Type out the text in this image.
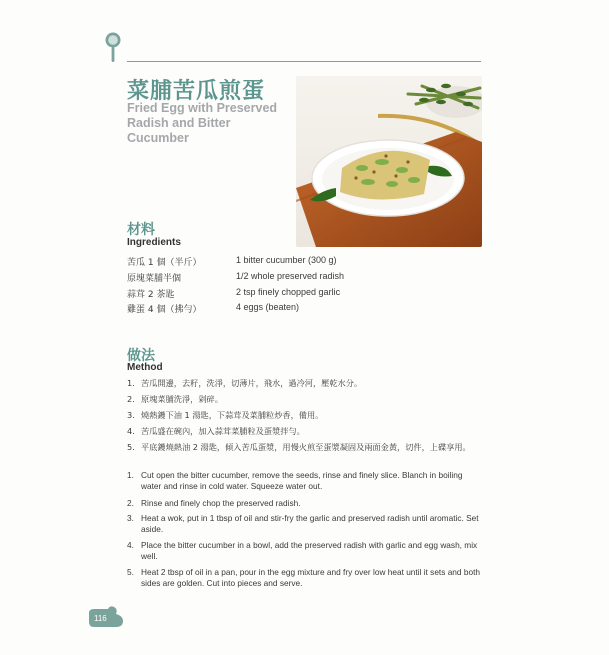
菜脯苦瓜煎蛋
Fried Egg with Preserved Radish and Bitter Cucumber
材料
Ingredients
苦瓜 1 個（半斤）	1 bitter cucumber (300 g)
原塊菜脯半個	1/2 whole preserved radish
蒜茸 2 茶匙	2 tsp finely chopped garlic
雞蛋 4 個（拂勻）	4 eggs (beaten)
做法
Method
1. 苦瓜開邊，去籽，洗淨，切薄片，飛水，過冷河，壓乾水分。
2. 原塊菜脯洗淨，剁碎。
3. 燒熱鑊下油 1 湯匙，下蒜茸及菜脯粒炒香，備用。
4. 苦瓜盛在碗內，加入蒜茸菜脯粒及蛋漿拌勻。
5. 平底鑊燒熱油 2 湯匙，傾入苦瓜蛋漿，用慢火煎至蛋漿凝固及兩面金黃，切件，上碟享用。
1. Cut open the bitter cucumber, remove the seeds, rinse and finely slice. Blanch in boiling water and rinse in cold water. Squeeze water out.
2. Rinse and finely chop the preserved radish.
3. Heat a wok, put in 1 tbsp of oil and stir-fry the garlic and preserved radish until aromatic. Set aside.
4. Place the bitter cucumber in a bowl, add the preserved radish with garlic and egg wash, mix well.
5. Heat 2 tbsp of oil in a pan, pour in the egg mixture and fry over low heat until it sets and both sides are golden. Cut into pieces and serve.
116
